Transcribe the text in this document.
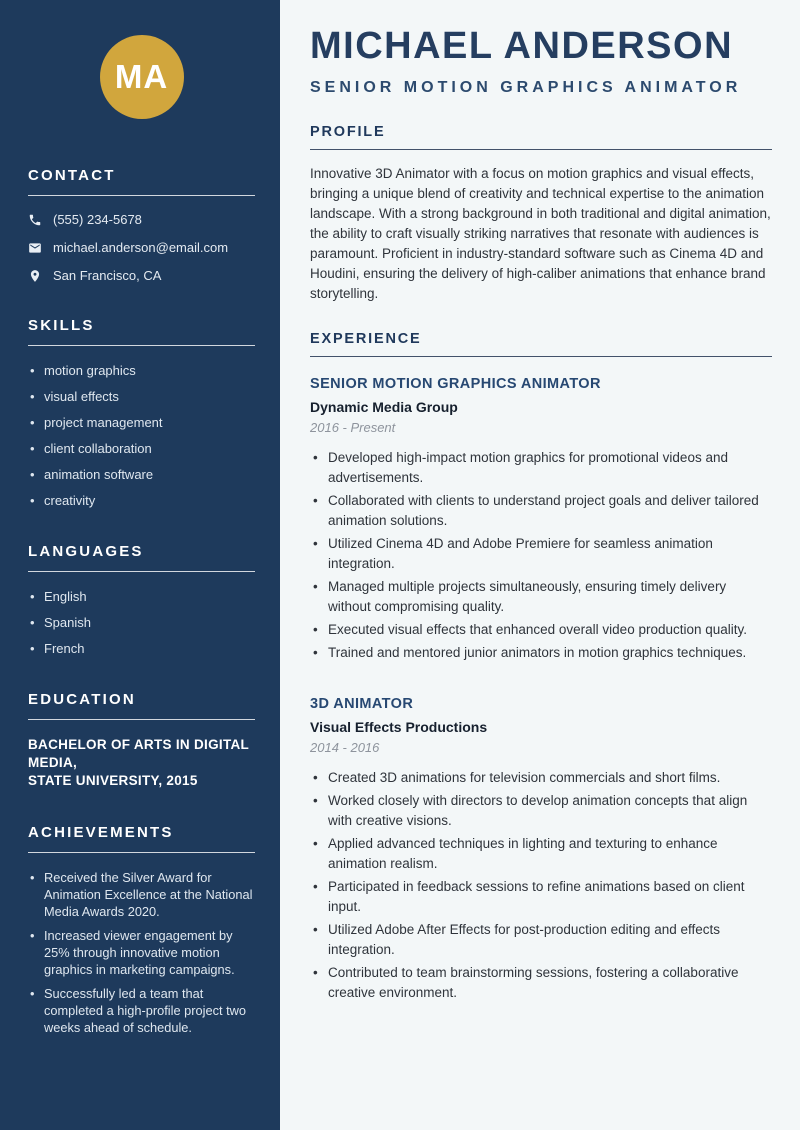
MA
CONTACT
(555) 234-5678
michael.anderson@email.com
San Francisco, CA
SKILLS
• motion graphics
• visual effects
• project management
• client collaboration
• animation software
• creativity
LANGUAGES
• English
• Spanish
• French
EDUCATION
BACHELOR OF ARTS IN DIGITAL MEDIA,
STATE UNIVERSITY, 2015
ACHIEVEMENTS
• Received the Silver Award for Animation Excellence at the National Media Awards 2020.
• Increased viewer engagement by 25% through innovative motion graphics in marketing campaigns.
• Successfully led a team that completed a high-profile project two weeks ahead of schedule.
MICHAEL ANDERSON
SENIOR MOTION GRAPHICS ANIMATOR
PROFILE

Innovative 3D Animator with a focus on motion graphics and visual effects, bringing a unique blend of creativity and technical expertise to the animation landscape. With a strong background in both traditional and digital animation, the ability to craft visually striking narratives that resonate with audiences is paramount. Proficient in industry-standard software such as Cinema 4D and Houdini, ensuring the delivery of high-caliber animations that enhance brand storytelling.

EXPERIENCE
SENIOR MOTION GRAPHICS ANIMATOR
Dynamic Media Group
2016 - Present
• Developed high-impact motion graphics for promotional videos and advertisements.
• Collaborated with clients to understand project goals and deliver tailored animation solutions.
• Utilized Cinema 4D and Adobe Premiere for seamless animation integration.
• Managed multiple projects simultaneously, ensuring timely delivery without compromising quality.
• Executed visual effects that enhanced overall video production quality.
• Trained and mentored junior animators in motion graphics techniques.
3D ANIMATOR
Visual Effects Productions
2014 - 2016
• Created 3D animations for television commercials and short films.
• Worked closely with directors to develop animation concepts that align with creative visions.
• Applied advanced techniques in lighting and texturing to enhance animation realism.
• Participated in feedback sessions to refine animations based on client input.
• Utilized Adobe After Effects for post-production editing and effects integration.
• Contributed to team brainstorming sessions, fostering a collaborative creative environment.
